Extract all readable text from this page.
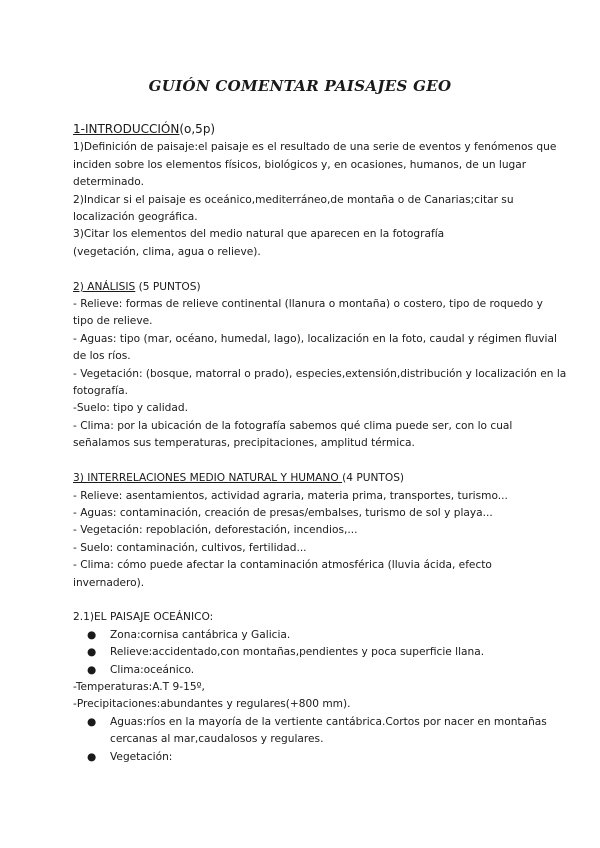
GUIÓN COMENTAR PAISAJES GEO
1-INTRODUCCIÓN(o,5p)
1)Definición de paisaje:el paisaje es el resultado de una serie de eventos y fenómenos que
inciden sobre los elementos físicos, biológicos y, en ocasiones, humanos, de un lugar
determinado.
2)Indicar si el paisaje es oceánico,mediterráneo,de montaña o de Canarias;citar su
localización geográfica.
3)Citar los elementos del medio natural que aparecen en la fotografía
(vegetación, clima, agua o relieve).
2) ANÁLISIS (5 PUNTOS)
- Relieve: formas de relieve continental (llanura o montaña) o costero, tipo de roquedo y
tipo de relieve.
- Aguas: tipo (mar, océano, humedal, lago), localización en la foto, caudal y régimen fluvial
de los ríos.
- Vegetación: (bosque, matorral o prado), especies,extensión,distribución y localización en la
fotografía.
-Suelo: tipo y calidad.
- Clima: por la ubicación de la fotografía sabemos qué clima puede ser, con lo cual
señalamos sus temperaturas, precipitaciones, amplitud térmica.
3) INTERRELACIONES MEDIO NATURAL Y HUMANO (4 PUNTOS)
- Relieve: asentamientos, actividad agraria, materia prima, transportes, turismo...
- Aguas: contaminación, creación de presas/embalses, turismo de sol y playa...
- Vegetación: repoblación, deforestación, incendios,...
- Suelo: contaminación, cultivos, fertilidad...
- Clima: cómo puede afectar la contaminación atmosférica (lluvia ácida, efecto
invernadero).
2.1)EL PAISAJE OCEÁNICO:
● Zona:cornisa cantábrica y Galicia.
● Relieve:accidentado,con montañas,pendientes y poca superficie llana.
● Clima:oceánico.
-Temperaturas:A.T 9-15º,
-Precipitaciones:abundantes y regulares(+800 mm).
● Aguas:ríos en la mayoría de la vertiente cantábrica.Cortos por nacer en montañas
cercanas al mar,caudalosos y regulares.
● Vegetación:
